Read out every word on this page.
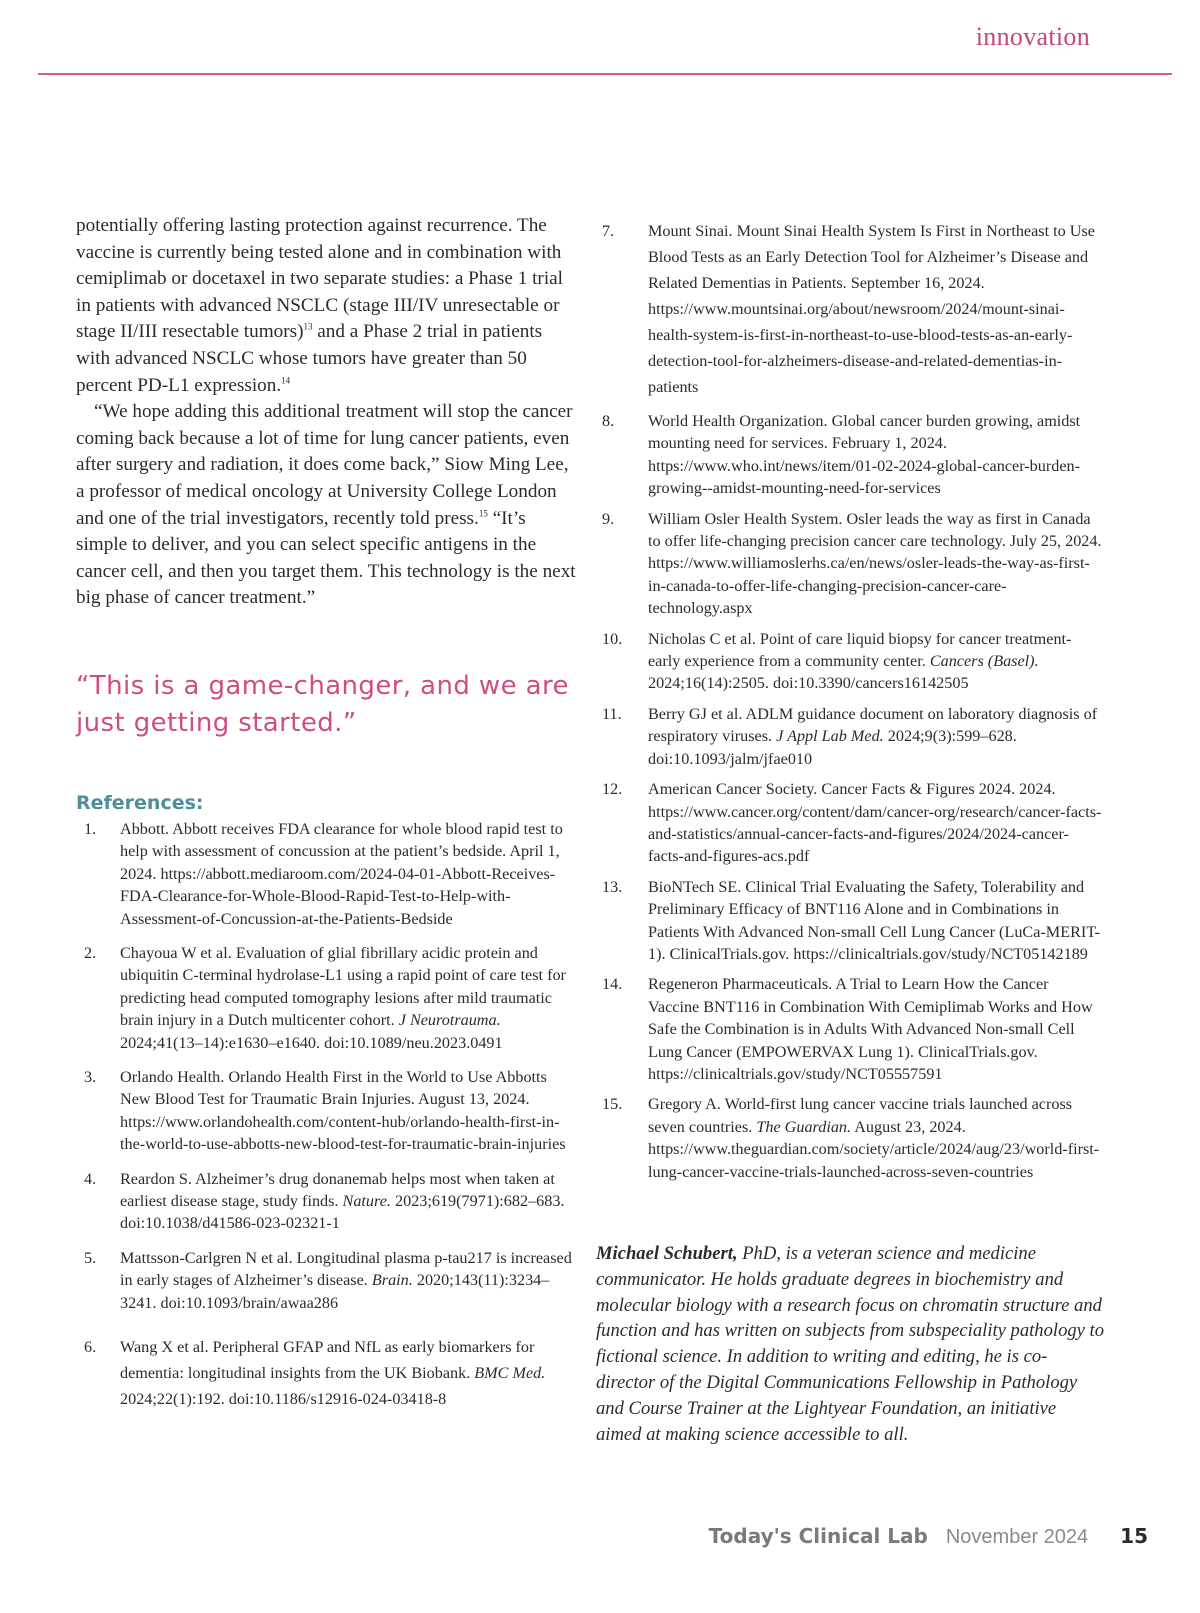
innovation

potentially offering lasting protection against recurrence. The vaccine is currently being tested alone and in combination with cemiplimab or docetaxel in two separate studies: a Phase 1 trial in patients with advanced NSCLC (stage III/IV unresectable or stage II/III resectable tumors)$^{13}$ and a Phase 2 trial in patients with advanced NSCLC whose tumors have greater than 50 percent PD-L1 expression.$^{14}$

“We hope adding this additional treatment will stop the cancer coming back because a lot of time for lung cancer patients, even after surgery and radiation, it does come back,” Siow Ming Lee, a professor of medical oncology at University College London and one of the trial investigators, recently told press.$^{15}$ “It’s simple to deliver, and you can select specific antigens in the cancer cell, and then you target them. This technology is the next big phase of cancer treatment.”

“This is a game-changer, and we are just getting started.”
References:
1.	Abbott. Abbott receives FDA clearance for whole blood rapid test to help with assessment of concussion at the patient’s bedside. April 1, 2024. https://abbott.mediaroom.com/2024-04-01-Abbott-Receives-FDA-Clearance-for-Whole-Blood-Rapid-Test-to-Help-with-Assessment-of-Concussion-at-the-Patients-Bedside
2.	Chayoua W et al. Evaluation of glial fibrillary acidic protein and ubiquitin C-terminal hydrolase-L1 using a rapid point of care test for predicting head computed tomography lesions after mild traumatic brain injury in a Dutch multicenter cohort. J Neurotrauma. 2024;41(13–14):e1630–e1640. doi:10.1089/neu.2023.0491
3.	Orlando Health. Orlando Health First in the World to Use Abbotts New Blood Test for Traumatic Brain Injuries. August 13, 2024. https://www.orlandohealth.com/content-hub/orlando-health-first-in-the-world-to-use-abbotts-new-blood-test-for-traumatic-brain-injuries
4.	Reardon S. Alzheimer’s drug donanemab helps most when taken at earliest disease stage, study finds. Nature. 2023;619(7971):682–683. doi:10.1038/d41586-023-02321-1
5.	Mattsson-Carlgren N et al. Longitudinal plasma p-tau217 is increased in early stages of Alzheimer’s disease. Brain. 2020;143(11):3234–3241. doi:10.1093/brain/awaa286
6.	Wang X et al. Peripheral GFAP and NfL as early biomarkers for dementia: longitudinal insights from the UK Biobank. BMC Med. 2024;22(1):192. doi:10.1186/s12916-024-03418-8
7.	Mount Sinai. Mount Sinai Health System Is First in Northeast to Use Blood Tests as an Early Detection Tool for Alzheimer’s Disease and Related Dementias in Patients. September 16, 2024. https://www.mountsinai.org/about/newsroom/2024/mount-sinai-health-system-is-first-in-northeast-to-use-blood-tests-as-an-early-detection-tool-for-alzheimers-disease-and-related-dementias-in-patients
8.	World Health Organization. Global cancer burden growing, amidst mounting need for services. February 1, 2024. https://www.who.int/news/item/01-02-2024-global-cancer-burden-growing--amidst-mounting-need-for-services
9.	William Osler Health System. Osler leads the way as first in Canada to offer life-changing precision cancer care technology. July 25, 2024. https://www.williamoslerhs.ca/en/news/osler-leads-the-way-as-first-in-canada-to-offer-life-changing-precision-cancer-care-technology.aspx
10.	Nicholas C et al. Point of care liquid biopsy for cancer treatment-early experience from a community center. Cancers (Basel). 2024;16(14):2505. doi:10.3390/cancers16142505
11.	Berry GJ et al. ADLM guidance document on laboratory diagnosis of respiratory viruses. J Appl Lab Med. 2024;9(3):599–628. doi:10.1093/jalm/jfae010
12.	American Cancer Society. Cancer Facts & Figures 2024. 2024. https://www.cancer.org/content/dam/cancer-org/research/cancer-facts-and-statistics/annual-cancer-facts-and-figures/2024/2024-cancer-facts-and-figures-acs.pdf
13.	BioNTech SE. Clinical Trial Evaluating the Safety, Tolerability and Preliminary Efficacy of BNT116 Alone and in Combinations in Patients With Advanced Non-small Cell Lung Cancer (LuCa-MERIT-1). ClinicalTrials.gov. https://clinicaltrials.gov/study/NCT05142189
14.	Regeneron Pharmaceuticals. A Trial to Learn How the Cancer Vaccine BNT116 in Combination With Cemiplimab Works and How Safe the Combination is in Adults With Advanced Non-small Cell Lung Cancer (EMPOWERVAX Lung 1). ClinicalTrials.gov. https://clinicaltrials.gov/study/NCT05557591
15.	Gregory A. World-first lung cancer vaccine trials launched across seven countries. The Guardian. August 23, 2024. https://www.theguardian.com/society/article/2024/aug/23/world-first-lung-cancer-vaccine-trials-launched-across-seven-countries
Michael Schubert, PhD, is a veteran science and medicine communicator. He holds graduate degrees in biochemistry and molecular biology with a research focus on chromatin structure and function and has written on subjects from subspeciality pathology to fictional science. In addition to writing and editing, he is co-director of the Digital Communications Fellowship in Pathology and Course Trainer at the Lightyear Foundation, an initiative aimed at making science accessible to all.
Today's Clinical Lab November 2024 15
